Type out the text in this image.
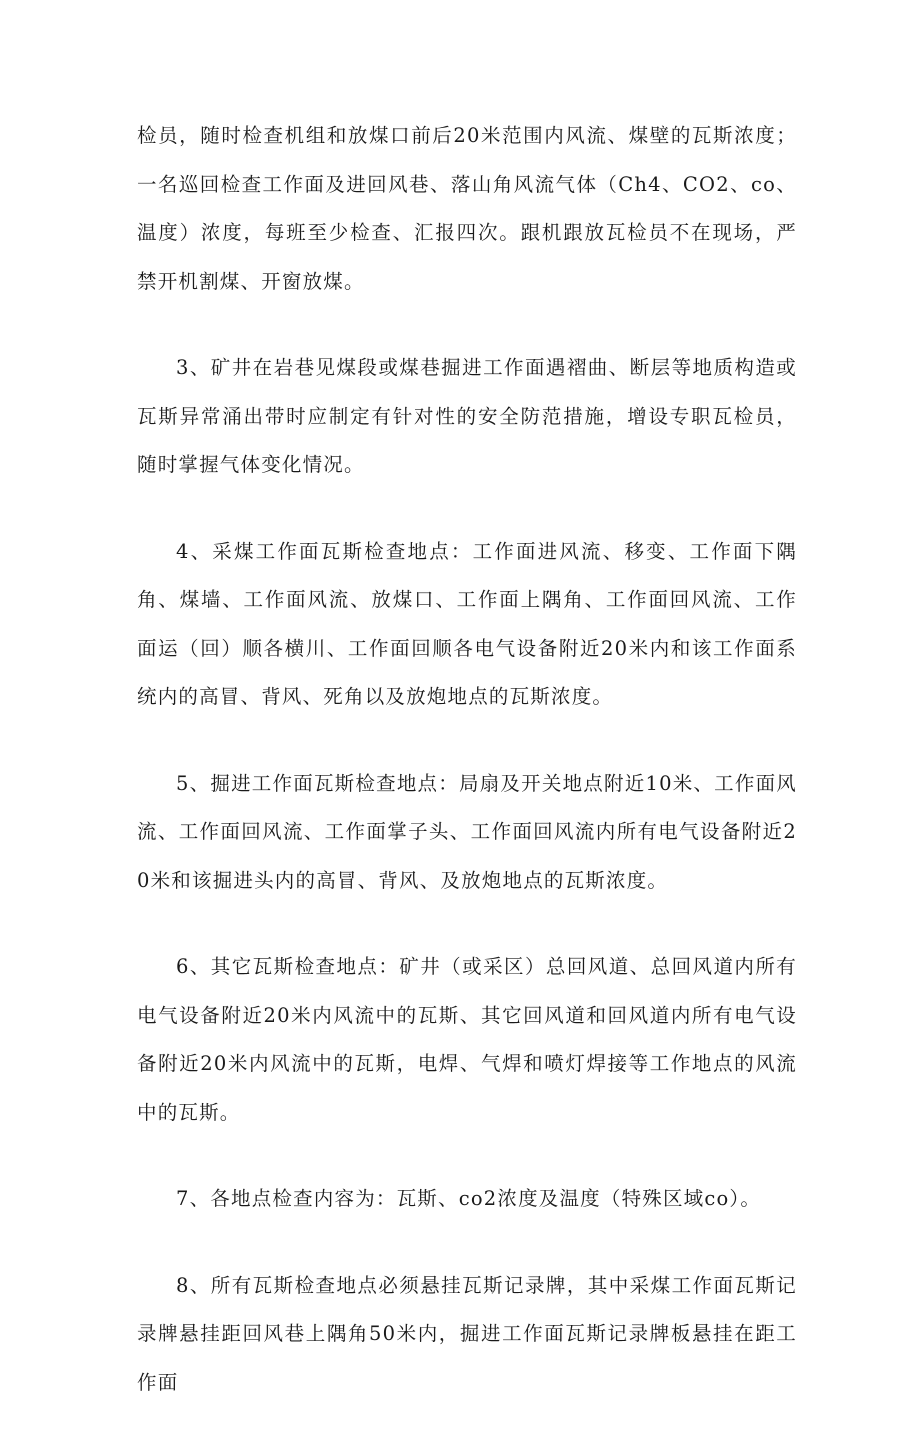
检员，随时检查机组和放煤口前后20米范围内风流、煤壁的瓦斯浓度；一名巡回检查工作面及进回风巷、落山角风流气体（Ch4、CO2、co、温度）浓度，每班至少检查、汇报四次。跟机跟放瓦检员不在现场，严禁开机割煤、开窗放煤。

3、矿井在岩巷见煤段或煤巷掘进工作面遇褶曲、断层等地质构造或瓦斯异常涌出带时应制定有针对性的安全防范措施，增设专职瓦检员，随时掌握气体变化情况。

4、采煤工作面瓦斯检查地点：工作面进风流、移变、工作面下隅角、煤墙、工作面风流、放煤口、工作面上隅角、工作面回风流、工作面运（回）顺各横川、工作面回顺各电气设备附近20米内和该工作面系统内的高冒、背风、死角以及放炮地点的瓦斯浓度。

5、掘进工作面瓦斯检查地点：局扇及开关地点附近10米、工作面风流、工作面回风流、工作面掌子头、工作面回风流内所有电气设备附近20米和该掘进头内的高冒、背风、及放炮地点的瓦斯浓度。

6、其它瓦斯检查地点：矿井（或采区）总回风道、总回风道内所有电气设备附近20米内风流中的瓦斯、其它回风道和回风道内所有电气设备附近20米内风流中的瓦斯，电焊、气焊和喷灯焊接等工作地点的风流中的瓦斯。

7、各地点检查内容为：瓦斯、co2浓度及温度（特殊区域co）。

8、所有瓦斯检查地点必须悬挂瓦斯记录牌，其中采煤工作面瓦斯记录牌悬挂距回风巷上隅角50米内，掘进工作面瓦斯记录牌板悬挂在距工作面
